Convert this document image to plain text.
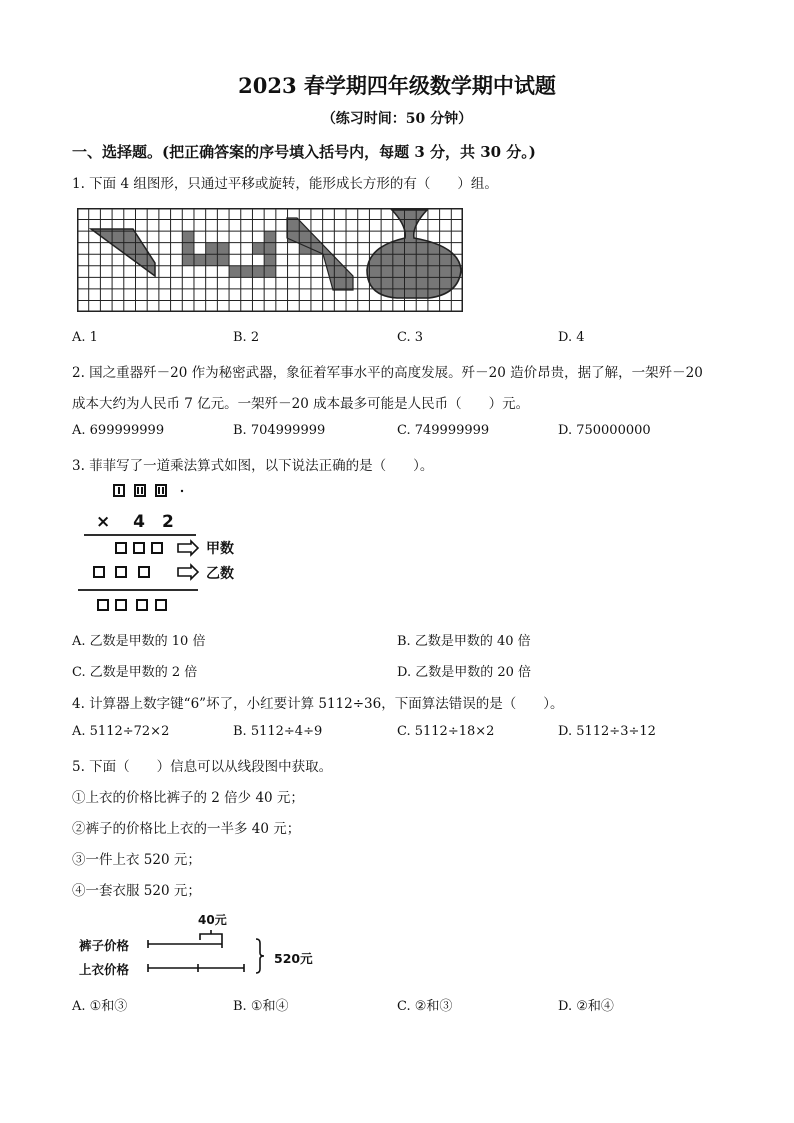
2023 春学期四年级数学期中试题
（练习时间：50 分钟）
一、选择题。(把正确答案的序号填入括号内，每题 3 分，共 30 分。)
1. 下面 4 组图形，只通过平移或旋转，能形成长方形的有（　　）组。
A. 1	B. 2	C. 3	D. 4
2. 国之重器歼－20 作为秘密武器，象征着军事水平的高度发展。歼－20 造价昂贵，据了解，一架歼－20
成本大约为人民币 7 亿元。一架歼－20 成本最多可能是人民币（　　）元。
A. 699999999	B. 704999999	C. 749999999	D. 750000000
3. 菲菲写了一道乘法算式如图，以下说法正确的是（　　）。
× 　4　2
甲数
乙数
A. 乙数是甲数的 10 倍	B. 乙数是甲数的 40 倍
C. 乙数是甲数的 2 倍	D. 乙数是甲数的 20 倍
4. 计算器上数字键“6”坏了，小红要计算 5112÷36，下面算法错误的是（　　）。
A. 5112÷72×2	B. 5112÷4÷9	C. 5112÷18×2	D. 5112÷3÷12
5. 下面（　　）信息可以从线段图中获取。
①上衣的价格比裤子的 2 倍少 40 元；
②裤子的价格比上衣的一半多 40 元；
③一件上衣 520 元；
④一套衣服 520 元；
40元
裤子价格
上衣价格
520元
A. ①和③	B. ①和④	C. ②和③	D. ②和④
